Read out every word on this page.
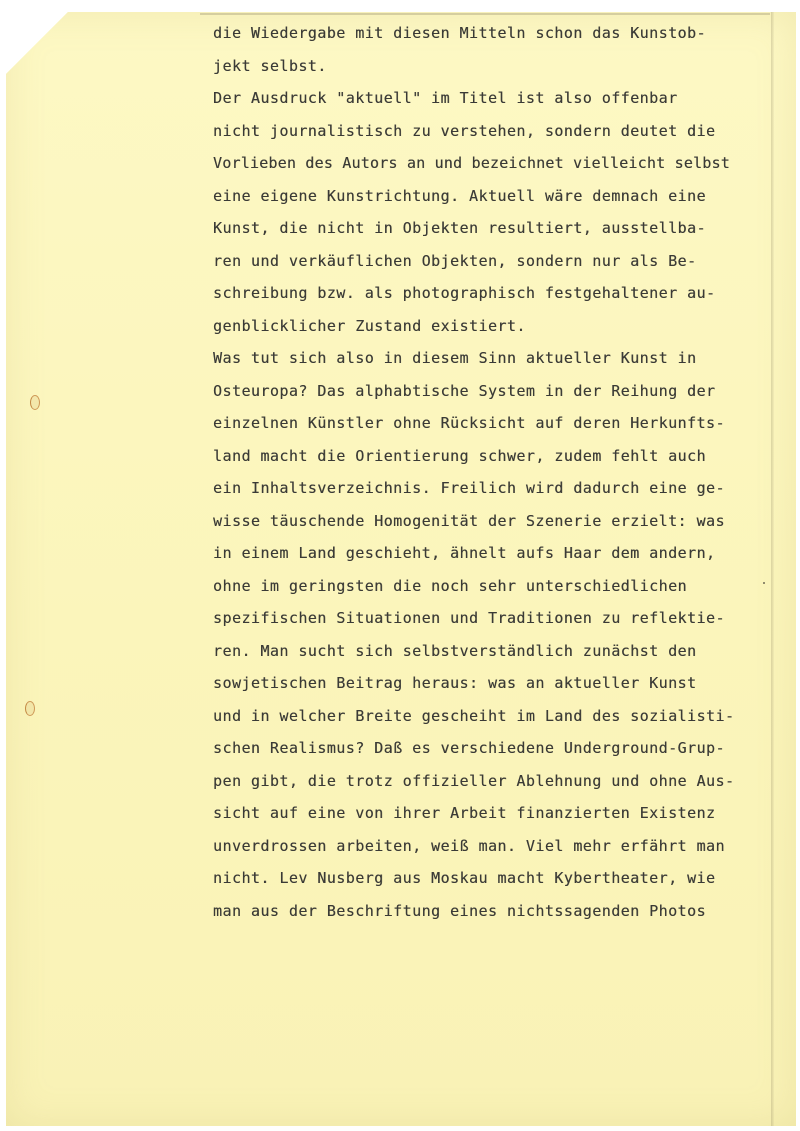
die Wiedergabe mit diesen Mitteln schon das Kunstob-
jekt selbst.
Der Ausdruck "aktuell" im Titel ist also offenbar
nicht journalistisch zu verstehen, sondern deutet die
Vorlieben des Autors an und bezeichnet vielleicht selbst
eine eigene Kunstrichtung. Aktuell wäre demnach eine
Kunst, die nicht in Objekten resultiert, ausstellba-
ren und verkäuflichen Objekten, sondern nur als Be-
schreibung bzw. als photographisch festgehaltener au-
genblicklicher Zustand existiert.
Was tut sich also in diesem Sinn aktueller Kunst in
Osteuropa? Das alphabtische System in der Reihung der
einzelnen Künstler ohne Rücksicht auf deren Herkunfts-
land macht die Orientierung schwer, zudem fehlt auch
ein Inhaltsverzeichnis. Freilich wird dadurch eine ge-
wisse täuschende Homogenität der Szenerie erzielt: was
in einem Land geschieht, ähnelt aufs Haar dem andern,
ohne im geringsten die noch sehr unterschiedlichen
spezifischen Situationen und Traditionen zu reflektie-
ren. Man sucht sich selbstverständlich zunächst den
sowjetischen Beitrag heraus: was an aktueller Kunst
und in welcher Breite gescheiht im Land des sozialisti-
schen Realismus? Daß es verschiedene Underground-Grup-
pen gibt, die trotz offizieller Ablehnung und ohne Aus-
sicht auf eine von ihrer Arbeit finanzierten Existenz
unverdrossen arbeiten, weiß man. Viel mehr erfährt man
nicht. Lev Nusberg aus Moskau macht Kybertheater, wie
man aus der Beschriftung eines nichtssagenden Photos
